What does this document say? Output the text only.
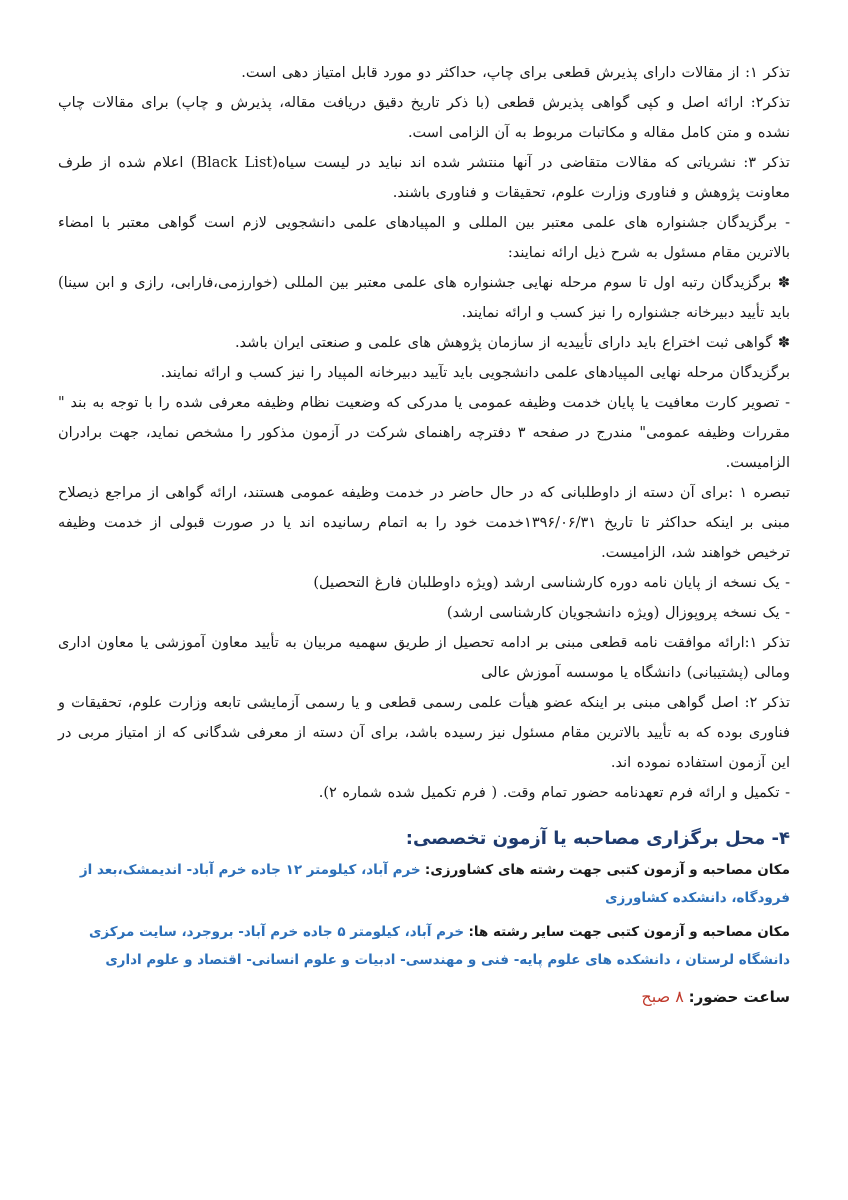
تذکر ۱: از مقالات دارای پذیرش قطعی برای چاپ، حداکثر دو مورد قابل امتیاز دهی است.

تذکر۲: ارائه اصل و کپی گواهی پذیرش قطعی (با ذکر تاریخ دقیق دریافت مقاله، پذیرش و چاپ) برای مقالات چاپ نشده و متن کامل مقاله و مکاتبات مربوط به آن الزامی است.

تذکر ۳: نشریاتی که مقالات متقاضی در آنها منتشر شده اند نباید در لیست سیاه(Black List) اعلام شده از طرف معاونت پژوهش و فناوری وزارت علوم، تحقیقات و فناوری باشند.

- برگزیدگان جشنواره های علمی معتبر بین المللی و المپیادهای علمی دانشجویی لازم است گواهی معتبر با امضاء بالاترین مقام مسئول به شرح ذیل ارائه نمایند:

✽ برگزیدگان رتبه اول تا سوم مرحله نهایی جشنواره های علمی معتبر بین المللی (خوارزمی،فارابی، رازی و ابن سینا) باید تأیید دبیرخانه جشنواره را نیز کسب و ارائه نمایند.

✽ گواهی ثبت اختراع باید دارای تأییدیه از سازمان پژوهش های علمی و صنعتی ایران باشد.

برگزیدگان مرحله نهایی المپیادهای علمی دانشجویی باید تآیید دبیرخانه المپیاد را نیز کسب و ارائه نمایند.

- تصویر کارت معافیت یا پایان خدمت وظیفه عمومی یا مدرکی که وضعیت نظام وظیفه معرفی شده را با توجه به بند " مقررات وظیفه عمومی" مندرج در صفحه ۳ دفترچه راهنمای شرکت در آزمون مذکور را مشخص نماید، جهت برادران الزامیست.

تبصره ۱ :برای آن دسته از داوطلبانی که در حال حاضر در خدمت وظیفه عمومی هستند، ارائه گواهی از مراجع ذیصلاح مبنی بر اینکه حداکثر تا تاریخ ۱۳۹۶/۰۶/۳۱خدمت خود را به اتمام رسانیده اند یا در صورت قبولی از خدمت وظیفه ترخیص خواهند شد، الزامیست.

- یک نسخه از پایان نامه دوره کارشناسی ارشد (ویژه داوطلبان فارغ التحصیل)

- یک نسخه پروپوزال (ویژه دانشجویان کارشناسی ارشد)

تذکر ۱:ارائه موافقت نامه قطعی مبنی بر ادامه تحصیل از طریق سهمیه مربیان به تأیید معاون آموزشی یا معاون اداری ومالی (پشتیبانی) دانشگاه یا موسسه آموزش عالی

تذکر ۲: اصل گواهی مبنی بر اینکه عضو هیأت علمی رسمی قطعی و یا رسمی آزمایشی تابعه وزارت علوم، تحقیقات و فناوری بوده که به تأیید بالاترین مقام مسئول نیز رسیده باشد، برای آن دسته از معرفی شدگانی که از امتیاز مربی در این آزمون استفاده نموده اند.

- تکمیل و ارائه فرم تعهدنامه حضور تمام وقت. ( فرم تکمیل شده شماره ۲).

۴- محل برگزاری مصاحبه یا آزمون تخصصی:

مکان مصاحبه و آزمون کتبی جهت رشته های کشاورزی: خرم آباد، کیلومتر ۱۲ جاده خرم آباد- اندیمشک،بعد از فرودگاه، دانشکده کشاورزی

مکان مصاحبه و آزمون کتبی جهت سایر رشته ها: خرم آباد، کیلومتر ۵ جاده خرم آباد- بروجرد، سایت مرکزی دانشگاه لرستان ، دانشکده های علوم پایه- فنی و مهندسی- ادبیات و علوم انسانی- اقتصاد و علوم اداری

ساعت حضور: ۸ صبح
